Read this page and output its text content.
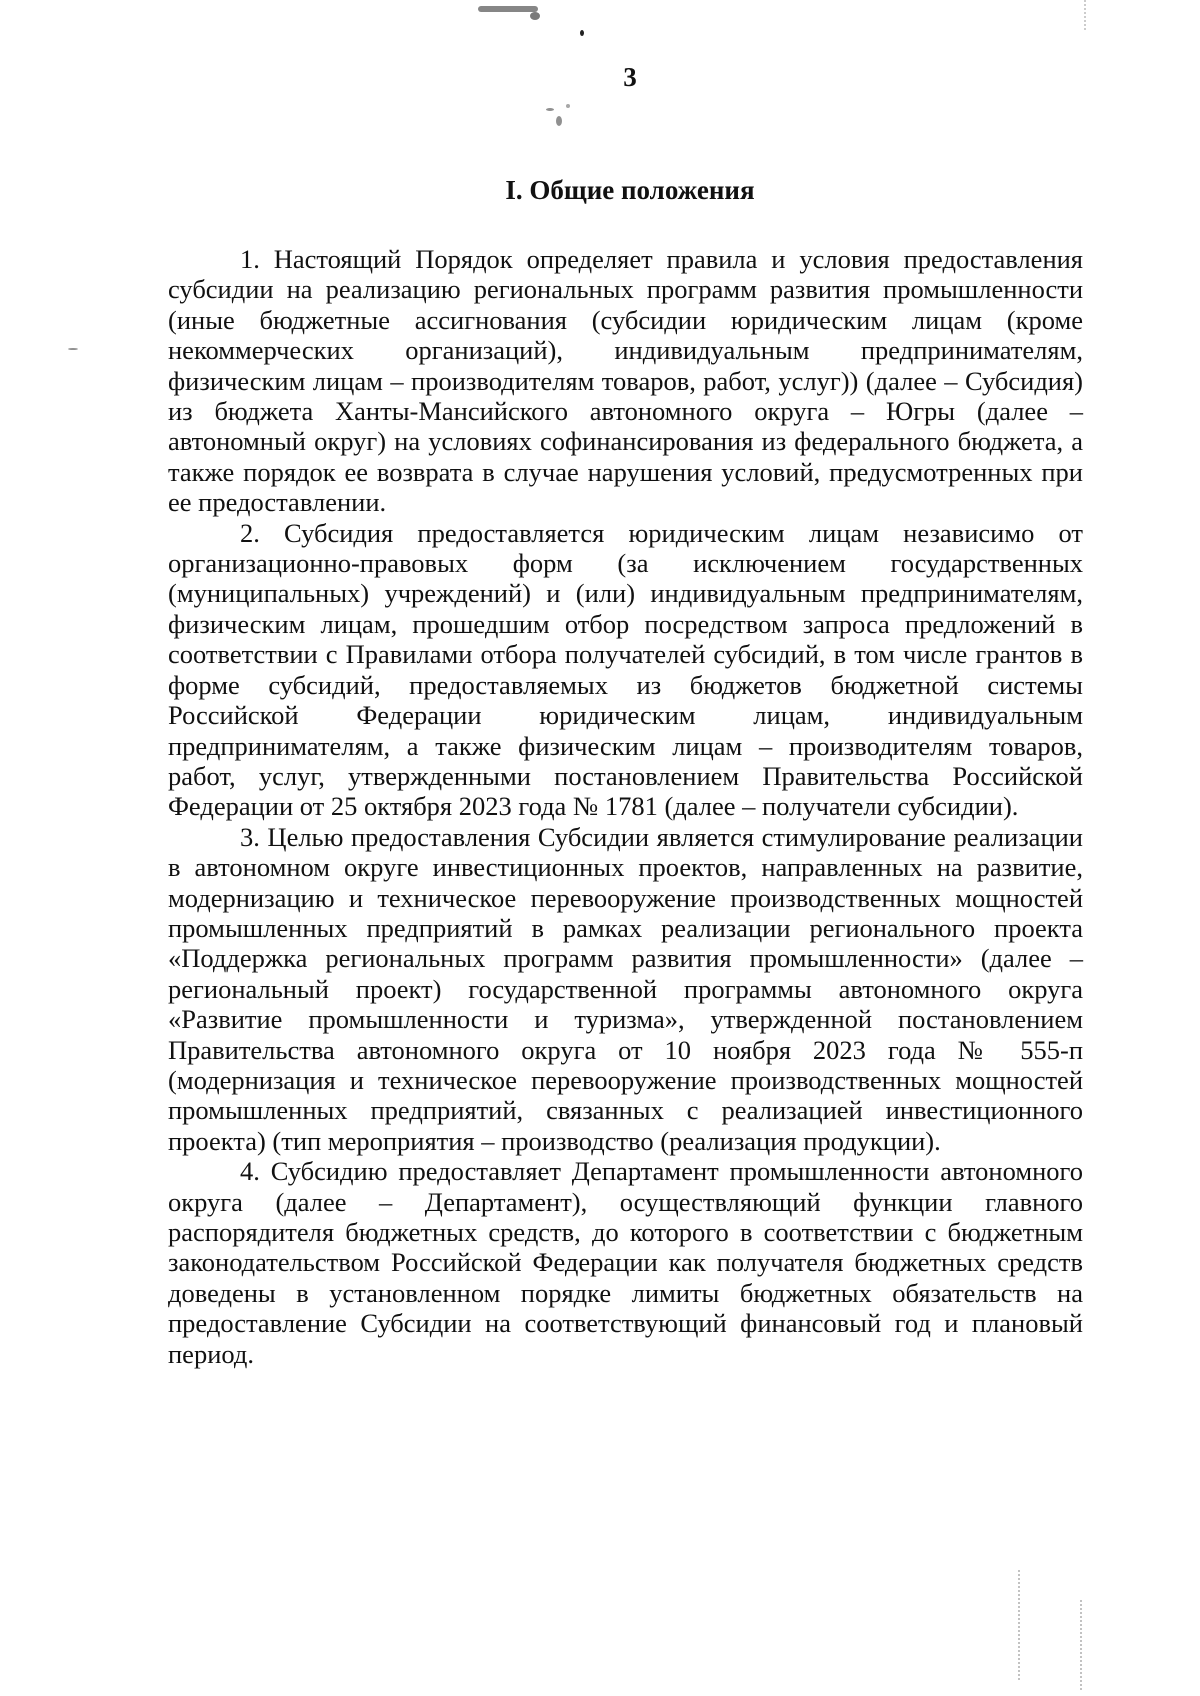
3
I. Общие положения

1. Настоящий Порядок определяет правила и условия предоставления субсидии на реализацию региональных программ развития промышленности (иные бюджетные ассигнования (субсидии юридическим лицам (кроме некоммерческих организаций), индивидуальным предпринимателям, физическим лицам – производителям товаров, работ, услуг)) (далее – Субсидия) из бюджета Ханты-Мансийского автономного округа – Югры (далее – автономный округ) на условиях софинансирования из федерального бюджета, а также порядок ее возврата в случае нарушения условий, предусмотренных при ее предоставлении.

2. Субсидия предоставляется юридическим лицам независимо от организационно-правовых форм (за исключением государственных (муниципальных) учреждений) и (или) индивидуальным предпринимателям, физическим лицам, прошедшим отбор посредством запроса предложений в соответствии с Правилами отбора получателей субсидий, в том числе грантов в форме субсидий, предоставляемых из бюджетов бюджетной системы Российской Федерации юридическим лицам, индивидуальным предпринимателям, а также физическим лицам – производителям товаров, работ, услуг, утвержденными постановлением Правительства Российской Федерации от 25 октября 2023 года № 1781 (далее – получатели субсидии).

3. Целью предоставления Субсидии является стимулирование реализации в автономном округе инвестиционных проектов, направленных на развитие, модернизацию и техническое перевооружение производственных мощностей промышленных предприятий в рамках реализации регионального проекта «Поддержка региональных программ развития промышленности» (далее – региональный проект) государственной программы автономного округа «Развитие промышленности и туризма», утвержденной постановлением Правительства автономного округа от 10 ноября 2023 года № 555-п (модернизация и техническое перевооружение производственных мощностей промышленных предприятий, связанных с реализацией инвестиционного проекта) (тип мероприятия – производство (реализация продукции).

4. Субсидию предоставляет Департамент промышленности автономного округа (далее – Департамент), осуществляющий функции главного распорядителя бюджетных средств, до которого в соответствии с бюджетным законодательством Российской Федерации как получателя бюджетных средств доведены в установленном порядке лимиты бюджетных обязательств на предоставление Субсидии на соответствующий финансовый год и плановый период.
